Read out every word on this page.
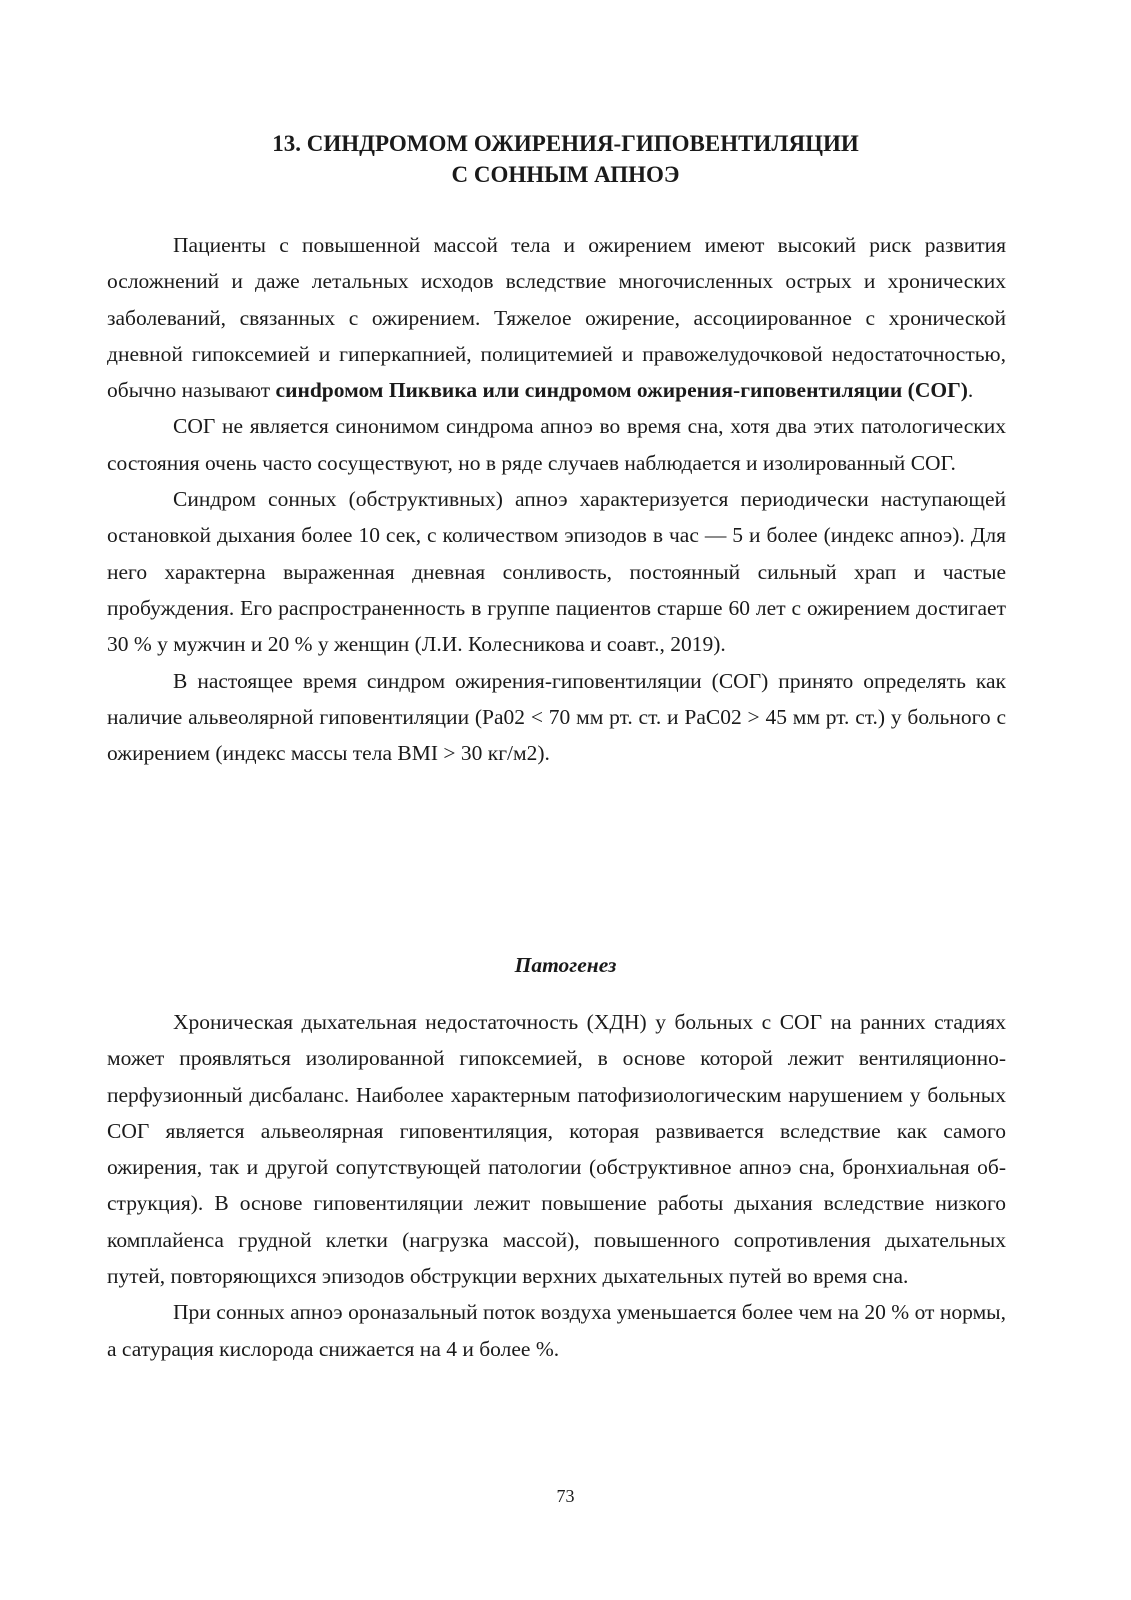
13. СИНДРОМОМ ОЖИРЕНИЯ-ГИПОВЕНТИЛЯЦИИ
С СОННЫМ АПНОЭ

Пациенты с повышенной массой тела и ожирением имеют высокий риск развития осложнений и даже летальных исходов вследствие многочисленных острых и хронических заболеваний, связанных с ожирением. Тяжелое ожирение, ассоциированное с хронической дневной гипоксемией и гиперкапнией, полицитемией и правожелудочковой недостаточностью, обычно называют синdромом Пиквика или синдромом ожирения-гиповентиляции (СОГ).

СОГ не является синонимом синдрома апноэ во время сна, хотя два этих патологических состояния очень часто сосуществуют, но в ряде случаев наблюдается и изолированный СОГ.

Синдром сонных (обструктивных) апноэ характеризуется периодически наступающей остановкой дыхания более 10 сек, с количеством эпизодов в час — 5 и более (индекс апноэ). Для него характерна выраженная дневная сонливость, постоянный сильный храп и частые пробуждения. Его распространенность в группе пациентов старше 60 лет с ожирением достигает 30 % у мужчин и 20 % у женщин (Л.И. Колесникова и соавт., 2019).

В настоящее время синдром ожирения-гиповентиляции (СОГ) принято определять как наличие альвеолярной гиповентиляции (Ра02 < 70 мм рт. ст. и РаС02 > 45 мм рт. ст.) у больного с ожирением (индекс массы тела BMI > 30 кг/м2).

Патогенез

Хроническая дыхательная недостаточность (ХДН) у больных с СОГ на ранних стадиях может проявляться изолированной гипоксемией, в основе которой лежит вентиляционно-перфузионный дисбаланс. Наиболее характерным патофизиологическим нарушением у больных СОГ является альвеолярная гиповентиляция, которая развивается вследствие как самого ожирения, так и другой сопутствующей патологии (обструктивное апноэ сна, бронхиальная обструкция). В основе гиповентиляции лежит повышение работы дыхания вследствие низкого комплайенса грудной клетки (нагрузка массой), повышенного сопротивления дыхательных путей, повторяющихся эпизодов обструкции верхних дыхательных путей во время сна.

При сонных апноэ ороназальный поток воздуха уменьшается более чем на 20 % от нормы, а сатурация кислорода снижается на 4 и более %.

73
